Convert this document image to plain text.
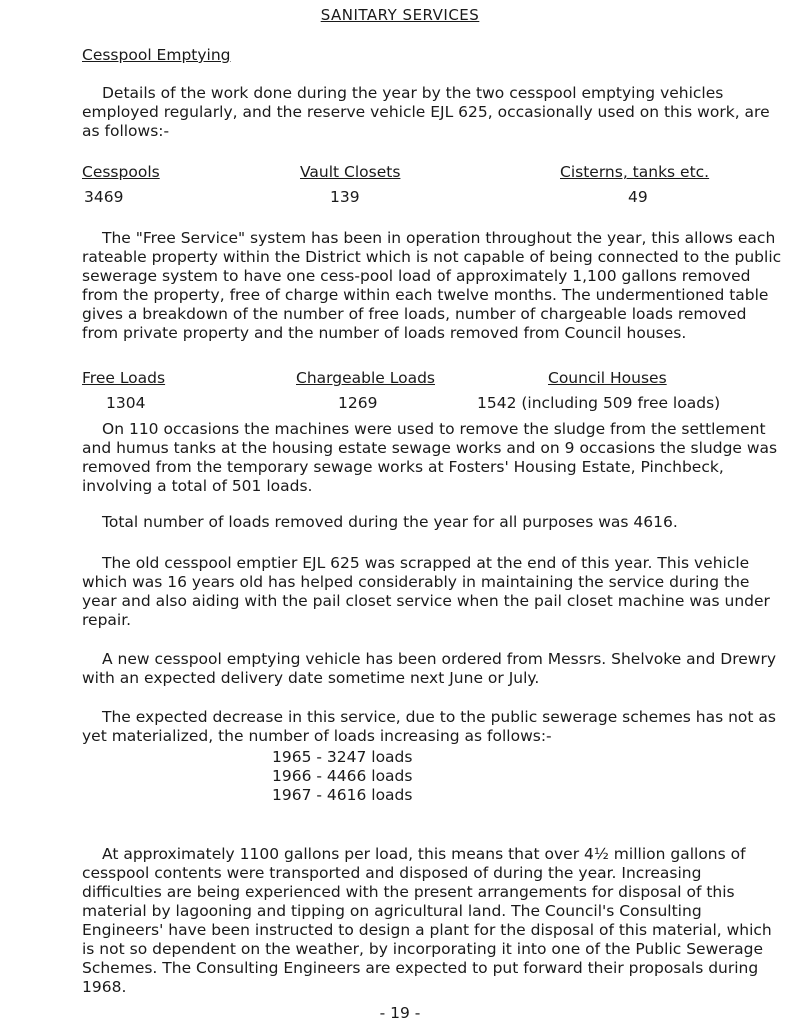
SANITARY SERVICES
Cesspool Emptying

Details of the work done during the year by the two cesspool emptying vehicles employed regularly, and the reserve vehicle EJL 625, occasionally used on this work, are as follows:-

Cesspools	Vault Closets	Cisterns, tanks etc.
3469	139	49

The "Free Service" system has been in operation throughout the year, this allows each rateable property within the District which is not capable of being connected to the public sewerage system to have one cess-pool load of approximately 1,100 gallons removed from the property, free of charge within each twelve months. The undermentioned table gives a breakdown of the number of free loads, number of chargeable loads removed from private property and the number of loads removed from Council houses.

Free Loads	Chargeable Loads	Council Houses
1304	1269	1542 (including 509 free loads)

On 110 occasions the machines were used to remove the sludge from the settlement and humus tanks at the housing estate sewage works and on 9 occasions the sludge was removed from the temporary sewage works at Fosters' Housing Estate, Pinchbeck, involving a total of 501 loads.

Total number of loads removed during the year for all purposes was 4616.

The old cesspool emptier EJL 625 was scrapped at the end of this year. This vehicle which was 16 years old has helped considerably in maintaining the service during the year and also aiding with the pail closet service when the pail closet machine was under repair.

A new cesspool emptying vehicle has been ordered from Messrs. Shelvoke and Drewry with an expected delivery date sometime next June or July.

The expected decrease in this service, due to the public sewerage schemes has not as yet materialized, the number of loads increasing as follows:-

1965 - 3247 loads
1966 - 4466 loads
1967 - 4616 loads

At approximately 1100 gallons per load, this means that over 4½ million gallons of cesspool contents were transported and disposed of during the year. Increasing difficulties are being experienced with the present arrangements for disposal of this material by lagooning and tipping on agricultural land. The Council's Consulting Engineers' have been instructed to design a plant for the disposal of this material, which is not so dependent on the weather, by incorporating it into one of the Public Sewerage Schemes. The Consulting Engineers are expected to put forward their proposals during 1968.

- 19 -
